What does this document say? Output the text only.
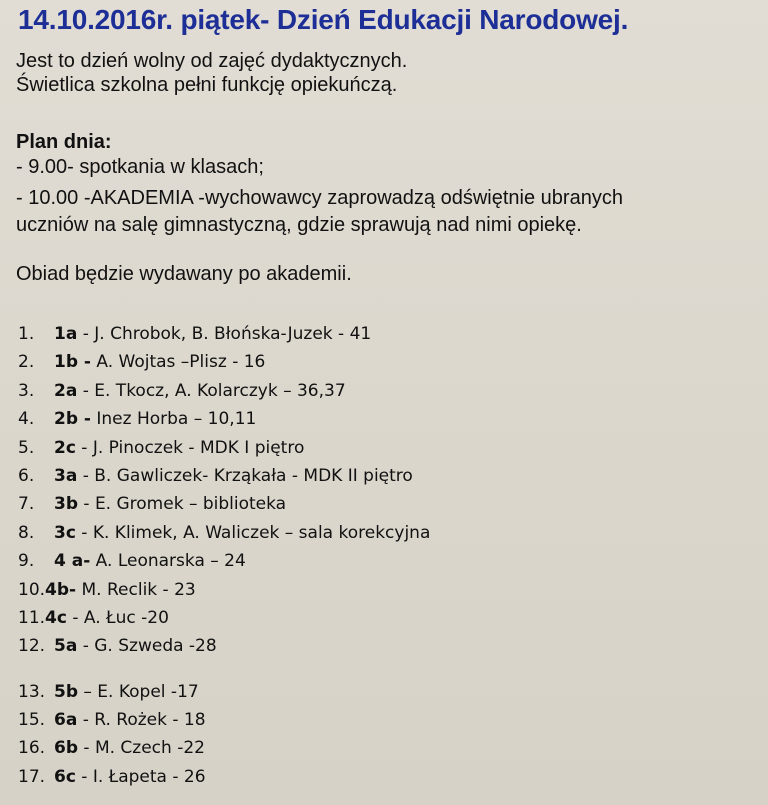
14.10.2016r. piątek- Dzień Edukacji Narodowej.
Jest to dzień wolny od zajęć dydaktycznych.
Świetlica szkolna pełni funkcję opiekuńczą.
Plan dnia:
- 9.00- spotkania w klasach;
- 10.00 -AKADEMIA -wychowawcy zaprowadzą odświętnie ubranych
uczniów na salę gimnastyczną, gdzie sprawują nad nimi opiekę.
Obiad będzie wydawany po akademii.
1. 1a - J. Chrobok, B. Błońska-Juzek - 41
2. 1b - A. Wojtas –Plisz - 16
3. 2a - E. Tkocz, A. Kolarczyk – 36,37
4. 2b - Inez Horba – 10,11
5. 2c - J. Pinoczek - MDK I piętro
6. 3a - B. Gawliczek- Krząkała - MDK II piętro
7. 3b - E. Gromek – biblioteka
8. 3c - K. Klimek, A. Waliczek – sala korekcyjna
9. 4 a- A. Leonarska – 24
10.4b- M. Reclik - 23
11.4c - A. Łuc -20
12. 5a - G. Szweda -28
13. 5b – E. Kopel -17
15. 6a - R. Rożek - 18
16. 6b - M. Czech -22
17. 6c - I. Łapeta - 26
